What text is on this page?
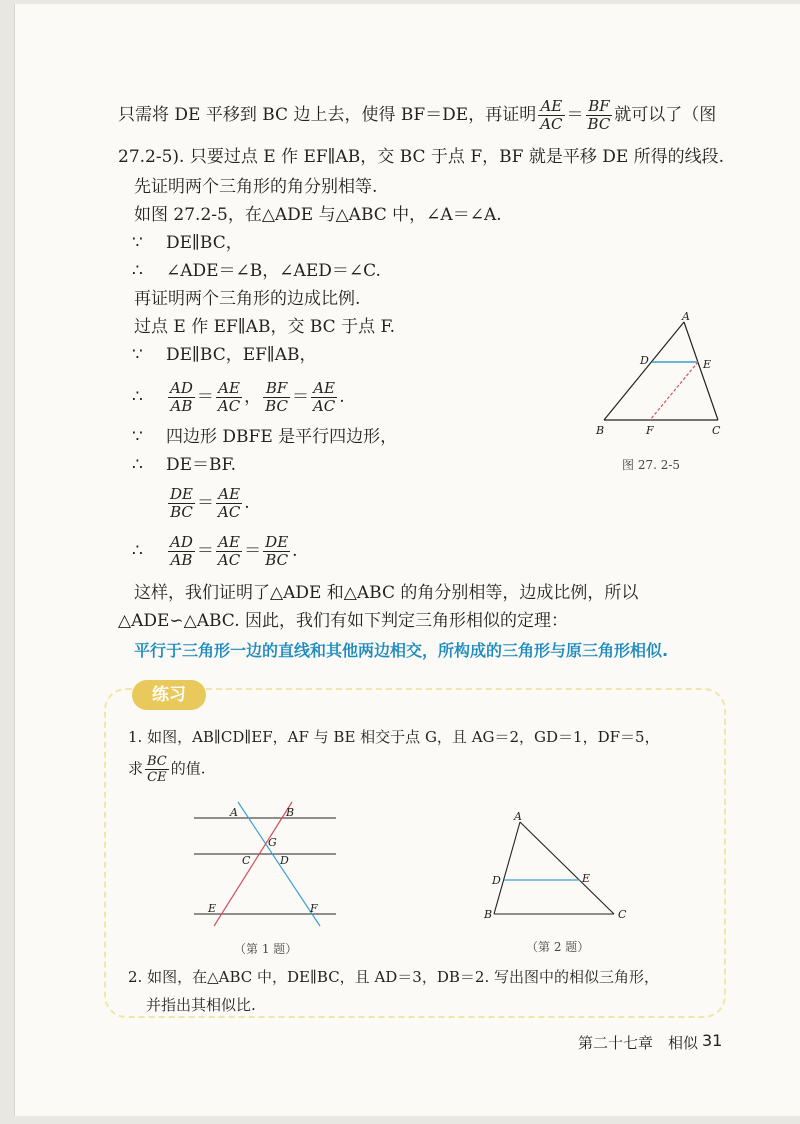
只需将 DE 平移到 BC 边上去，使得 BF＝DE，再证明 $\frac{AE}{AC} = \frac{BF}{BC}$ 就可以了（图
27.2-5). 只要过点 E 作 EF∥AB，交 BC 于点 F，BF 就是平移 DE 所得的线段.
先证明两个三角形的角分别相等.
如图 27.2-5，在△ADE 与△ABC 中，∠A＝∠A.
∵ DE∥BC，
∴ ∠ADE＝∠B，∠AED＝∠C.
再证明两个三角形的边成比例.
过点 E 作 EF∥AB，交 BC 于点 F.
∵ DE∥BC，EF∥AB，
∴ $\frac{AD}{AB} = \frac{AE}{AC}$ ， $\frac{BF}{BC} = \frac{AE}{AC}$ .
∵ 四边形 DBFE 是平行四边形，
∴ DE＝BF.
$\frac{DE}{BC} = \frac{AE}{AC}$ .
∴ $\frac{AD}{AB} = \frac{AE}{AC} = \frac{DE}{BC}$ .
这样，我们证明了△ADE 和△ABC 的角分别相等，边成比例，所以
△ADE∽△ABC. 因此，我们有如下判定三角形相似的定理：
平行于三角形一边的直线和其他两边相交，所构成的三角形与原三角形相似.
A
D	E
B	F	C
图 27. 2-5
练习
1. 如图，AB∥CD∥EF，AF 与 BE 相交于点 G，且 AG＝2，GD＝1，DF＝5，
求 $\frac{BC}{CE}$ 的值.
A	B
G
C	D
E	F
（第 1 题）
A
D	E
B	C
（第 2 题）
2. 如图，在△ABC 中，DE∥BC，且 AD＝3，DB＝2. 写出图中的相似三角形，
并指出其相似比.
第二十七章　相似 31
